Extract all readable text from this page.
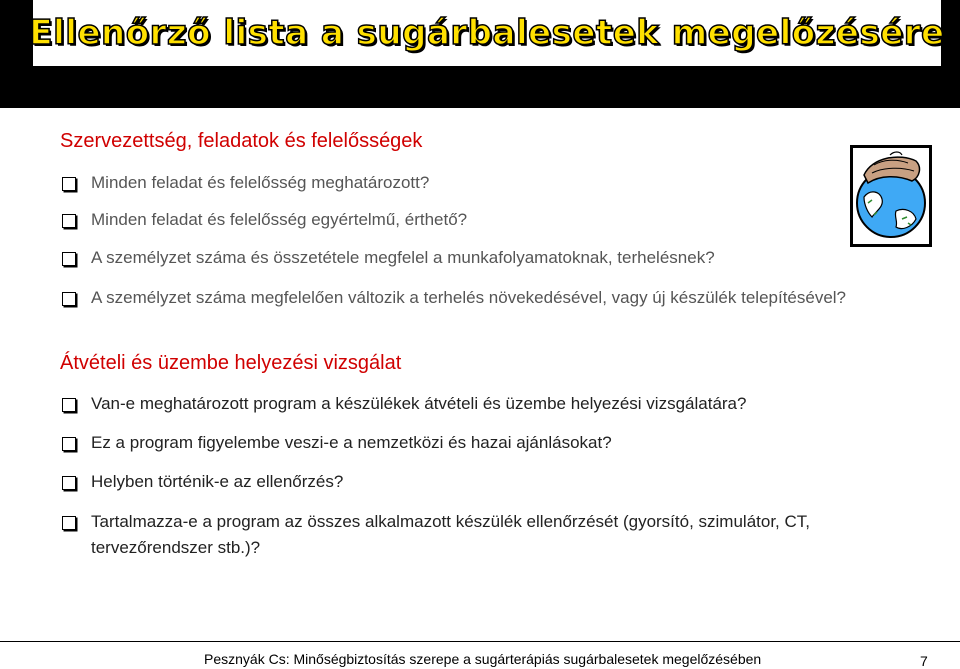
Ellenőrző lista a sugárbalesetek megelőzésére
Szervezettség, feladatok és felelősségek
Minden feladat és felelősség meghatározott?
Minden feladat és felelősség egyértelmű, érthető?
A személyzet száma és összetétele megfelel a munkafolyamatoknak, terhelésnek?
A személyzet száma megfelelően változik a terhelés növekedésével, vagy új készülék telepítésével?
Átvételi és üzembe helyezési vizsgálat
Van-e meghatározott program a készülékek átvételi és üzembe helyezési vizsgálatára?
Ez a program figyelembe veszi-e a nemzetközi és hazai ajánlásokat?
Helyben történik-e az ellenőrzés?
Tartalmazza-e a program az összes alkalmazott készülék ellenőrzését (gyorsító, szimulátor, CT, tervezőrendszer stb.)?
Pesznyák Cs: Minőségbiztosítás szerepe a sugárterápiás sugárbalesetek megelőzésében	7
